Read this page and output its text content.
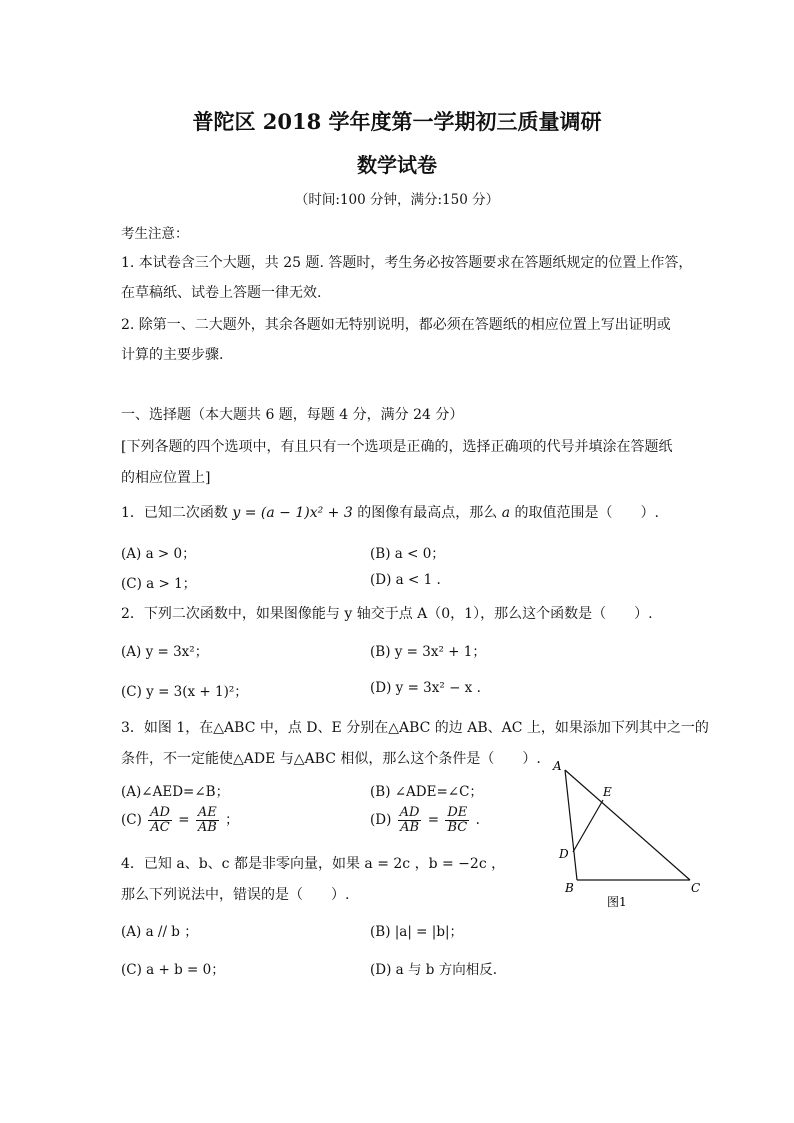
普陀区 2018 学年度第一学期初三质量调研
数学试卷
（时间:100 分钟，满分:150 分）
考生注意：
1. 本试卷含三个大题，共 25 题. 答题时，考生务必按答题要求在答题纸规定的位置上作答，
在草稿纸、试卷上答题一律无效.
2. 除第一、二大题外，其余各题如无特别说明，都必须在答题纸的相应位置上写出证明或
计算的主要步骤.
一、选择题（本大题共 6 题，每题 4 分，满分 24 分）
[下列各题的四个选项中，有且只有一个选项是正确的，选择正确项的代号并填涂在答题纸
的相应位置上]
1．已知二次函数 y = (a − 1)x² + 3 的图像有最高点，那么 a 的取值范围是（　　）.
(A) a > 0；	(B) a < 0；
(C) a > 1；	(D) a < 1 .
2．下列二次函数中，如果图像能与 y 轴交于点 A（0，1），那么这个函数是（　　）.
(A) y = 3x²；	(B) y = 3x² + 1；
(C) y = 3(x + 1)²；	(D) y = 3x² − x .
3．如图 1，在△ABC 中，点 D、E 分别在△ABC 的边 AB、AC 上，如果添加下列其中之一的
条件，不一定能使△ADE 与△ABC 相似，那么这个条件是（　　）.
(A)∠AED=∠B；	(B) ∠ADE=∠C；
$(C) \frac{AD}{AC} = \frac{AE}{AB}$ ；	$(D) \frac{AD}{AB} = \frac{DE}{BC}$ .
A
E
D
B	C
图1
4．已知 a、b、c 都是非零向量，如果 a = 2c ，b = −2c ，
那么下列说法中，错误的是（　　）.
(A) a // b ；	(B) |a| = |b|；
(C) a + b = 0；	(D) a 与 b 方向相反.
